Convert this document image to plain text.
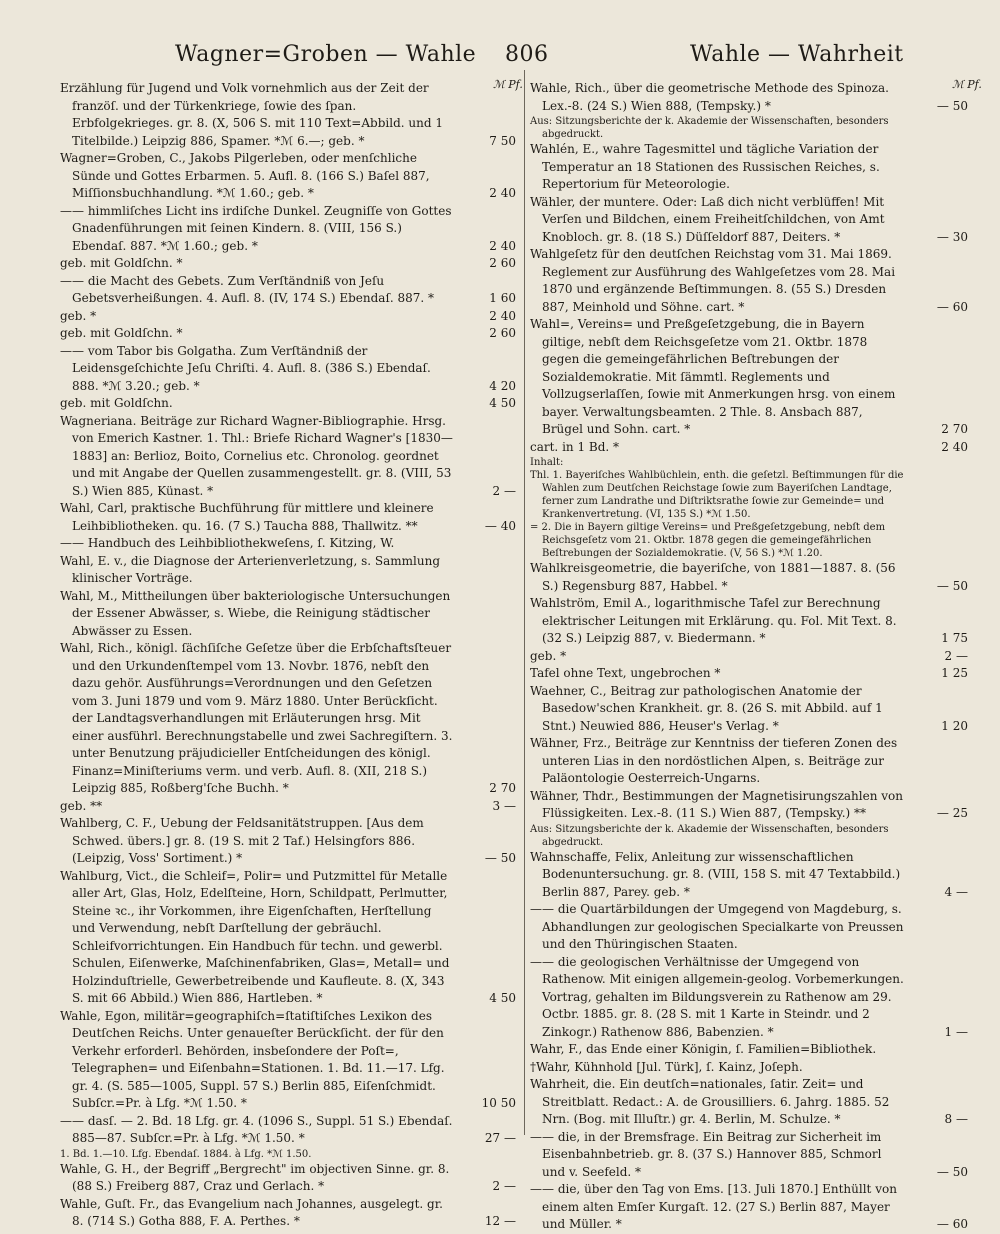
Wagner=Groben — Wahle 806	Wahle — Wahrheit
ℳ Pf.	ℳ Pf.
Erzählung für Jugend und Volk vornehmlich aus der Zeit der franzöſ. und der Türkenkriege, ſowie des ſpan. Erbfolgekrieges. gr. 8. (X, 506 S. mit 110 Text=Abbild. und 1 Titelbilde.) Leipzig 886, Spamer. *ℳ 6.—; geb. *	7 50
Wagner=Groben, C., Jakobs Pilgerleben, oder menſchliche Sünde und Gottes Erbarmen. 5. Aufl. 8. (166 S.) Baſel 887, Miſſionsbuchhandlung. *ℳ 1.60.; geb. *	2 40
—— himmliſches Licht ins irdiſche Dunkel. Zeugniſſe von Gottes Gnadenführungen mit ſeinen Kindern. 8. (VIII, 156 S.) Ebendaſ. 887. *ℳ 1.60.; geb. *	2 40
geb. mit Goldſchn. *	2 60
—— die Macht des Gebets. Zum Verſtändniß von Jeſu Gebetsverheißungen. 4. Aufl. 8. (IV, 174 S.) Ebendaſ. 887. *	1 60
geb. *	2 40
geb. mit Goldſchn. *	2 60
—— vom Tabor bis Golgatha. Zum Verſtändniß der Leidensgeſchichte Jeſu Chriſti. 4. Aufl. 8. (386 S.) Ebendaſ. 888. *ℳ 3.20.; geb. *	4 20
geb. mit Goldſchn.	4 50
Wagneriana. Beiträge zur Richard Wagner-Bibliographie. Hrsg. von Emerich Kastner. 1. Thl.: Briefe Richard Wagner's [1830—1883] an: Berlioz, Boito, Cornelius etc. Chronolog. geordnet und mit Angabe der Quellen zusammengestellt. gr. 8. (VIII, 53 S.) Wien 885, Künast. *	2 —
Wahl, Carl, praktische Buchführung für mittlere und kleinere Leihbibliotheken. qu. 16. (7 S.) Taucha 888, Thallwitz. **	— 40
—— Handbuch des Leihbibliothekweſens, ſ. Kitzing, W.
Wahl, E. v., die Diagnose der Arterienverletzung, s. Sammlung klinischer Vorträge.
Wahl, M., Mittheilungen über bakteriologische Untersuchungen der Essener Abwässer, s. Wiebe, die Reinigung städtischer Abwässer zu Essen.
Wahl, Rich., königl. ſächſiſche Geſetze über die Erbſchaftsſteuer und den Urkundenſtempel vom 13. Novbr. 1876, nebſt den dazu gehör. Ausführungs=Verordnungen und den Geſetzen vom 3. Juni 1879 und vom 9. März 1880. Unter Berückſicht. der Landtagsverhandlungen mit Erläuterungen hrsg. Mit einer ausführl. Berechnungstabelle und zwei Sachregiſtern. 3. unter Benutzung präjudicieller Entſcheidungen des königl. Finanz=Miniſteriums verm. und verb. Aufl. 8. (XII, 218 S.) Leipzig 885, Roßberg'ſche Buchh. *	2 70
geb. **	3 —
Wahlberg, C. F., Uebung der Feldsanitätstruppen. [Aus dem Schwed. übers.] gr. 8. (19 S. mit 2 Taf.) Helsingfors 886. (Leipzig, Voss' Sortiment.) *	— 50
Wahlburg, Vict., die Schleif=, Polir= und Putzmittel für Metalle aller Art, Glas, Holz, Edelſteine, Horn, Schildpatt, Perlmutter, Steine ꝛc., ihr Vorkommen, ihre Eigenſchaften, Herſtellung und Verwendung, nebſt Darſtellung der gebräuchl. Schleifvorrichtungen. Ein Handbuch für techn. und gewerbl. Schulen, Eiſenwerke, Maſchinenfabriken, Glas=, Metall= und Holzinduſtrielle, Gewerbetreibende und Kaufleute. 8. (X, 343 S. mit 66 Abbild.) Wien 886, Hartleben. *	4 50
Wahle, Egon, militär=geographiſch=ſtatiſtiſches Lexikon des Deutſchen Reichs. Unter genaueſter Berückſicht. der für den Verkehr erforderl. Behörden, insbeſondere der Poſt=, Telegraphen= und Eiſenbahn=Stationen. 1. Bd. 11.—17. Lfg. gr. 4. (S. 585—1005, Suppl. 57 S.) Berlin 885, Eiſenſchmidt. Subſcr.=Pr. à Lfg. *ℳ 1.50. *	10 50
—— dasſ. — 2. Bd. 18 Lfg. gr. 4. (1096 S., Suppl. 51 S.) Ebendaſ. 885—87. Subſcr.=Pr. à Lfg. *ℳ 1.50. *	27 —
1. Bd. 1.—10. Lfg. Ebendaſ. 1884. à Lfg. *ℳ 1.50.
Wahle, G. H., der Begriff „Bergrecht" im objectiven Sinne. gr. 8. (88 S.) Freiberg 887, Craz und Gerlach. *	2 —
Wahle, Guſt. Fr., das Evangelium nach Johannes, ausgelegt. gr. 8. (714 S.) Gotha 888, F. A. Perthes. *	12 —
Wahle, Rich., über die geometrische Methode des Spinoza. Lex.-8. (24 S.) Wien 888, (Tempsky.) *	— 50
Aus: Sitzungsberichte der k. Akademie der Wissenschaften, besonders abgedruckt.
Wahlén, E., wahre Tagesmittel und tägliche Variation der Temperatur an 18 Stationen des Russischen Reiches, s. Repertorium für Meteorologie.
Wähler, der muntere. Oder: Laß dich nicht verblüffen! Mit Verſen und Bildchen, einem Freiheitſchildchen, von Amt Knobloch. gr. 8. (18 S.) Düſſeldorf 887, Deiters. *	— 30
Wahlgeſetz für den deutſchen Reichstag vom 31. Mai 1869. Reglement zur Ausführung des Wahlgeſetzes vom 28. Mai 1870 und ergänzende Beſtimmungen. 8. (55 S.) Dresden 887, Meinhold und Söhne. cart. *	— 60
Wahl=, Vereins= und Preßgeſetzgebung, die in Bayern giltige, nebſt dem Reichsgeſetze vom 21. Oktbr. 1878 gegen die gemeingefährlichen Beſtrebungen der Sozialdemokratie. Mit ſämmtl. Reglements und Vollzugserlaſſen, ſowie mit Anmerkungen hrsg. von einem bayer. Verwaltungsbeamten. 2 Thle. 8. Ansbach 887, Brügel und Sohn. cart. *	2 70
cart. in 1 Bd. *	2 40
Inhalt:
Thl. 1. Bayeriſches Wahlbüchlein, enth. die geſetzl. Beſtimmungen für die Wahlen zum Deutſchen Reichstage ſowie zum Bayeriſchen Landtage, ferner zum Landrathe und Diſtriktsrathe ſowie zur Gemeinde= und Krankenvertretung. (VI, 135 S.) *ℳ 1.50.
= 2. Die in Bayern giltige Vereins= und Preßgeſetzgebung, nebſt dem Reichsgeſetz vom 21. Oktbr. 1878 gegen die gemeingefährlichen Beſtrebungen der Sozialdemokratie. (V, 56 S.) *ℳ 1.20.
Wahlkreisgeometrie, die bayeriſche, von 1881—1887. 8. (56 S.) Regensburg 887, Habbel. *	— 50
Wahlström, Emil A., logarithmische Tafel zur Berechnung elektrischer Leitungen mit Erklärung. qu. Fol. Mit Text. 8. (32 S.) Leipzig 887, v. Biedermann. *	1 75
geb. *	2 —
Tafel ohne Text, ungebrochen *	1 25
Waehner, C., Beitrag zur pathologischen Anatomie der Basedow'schen Krankheit. gr. 8. (26 S. mit Abbild. auf 1 Stnt.) Neuwied 886, Heuser's Verlag. *	1 20
Wähner, Frz., Beiträge zur Kenntniss der tieferen Zonen des unteren Lias in den nordöstlichen Alpen, s. Beiträge zur Paläontologie Oesterreich-Ungarns.
Wähner, Thdr., Bestimmungen der Magnetisirungszahlen von Flüssigkeiten. Lex.-8. (11 S.) Wien 887, (Tempsky.) **	— 25
Aus: Sitzungsberichte der k. Akademie der Wissenschaften, besonders abgedruckt.
Wahnschaffe, Felix, Anleitung zur wissenschaftlichen Bodenuntersuchung. gr. 8. (VIII, 158 S. mit 47 Textabbild.) Berlin 887, Parey. geb. *	4 —
—— die Quartärbildungen der Umgegend von Magdeburg, s. Abhandlungen zur geologischen Specialkarte von Preussen und den Thüringischen Staaten.
—— die geologischen Verhältnisse der Umgegend von Rathenow. Mit einigen allgemein-geolog. Vorbemerkungen. Vortrag, gehalten im Bildungsverein zu Rathenow am 29. Octbr. 1885. gr. 8. (28 S. mit 1 Karte in Steindr. und 2 Zinkogr.) Rathenow 886, Babenzien. *	1 —
Wahr, F., das Ende einer Königin, ſ. Familien=Bibliothek.
†Wahr, Kühnhold [Jul. Türk], ſ. Kainz, Joſeph.
Wahrheit, die. Ein deutſch=nationales, ſatir. Zeit= und Streitblatt. Redact.: A. de Grousilliers. 6. Jahrg. 1885. 52 Nrn. (Bog. mit Illuſtr.) gr. 4. Berlin, M. Schulze. *	8 —
—— die, in der Bremsfrage. Ein Beitrag zur Sicherheit im Eisenbahnbetrieb. gr. 8. (37 S.) Hannover 885, Schmorl und v. Seefeld. *	— 50
—— die, über den Tag von Ems. [13. Juli 1870.] Enthüllt von einem alten Emſer Kurgaſt. 12. (27 S.) Berlin 887, Mayer und Müller. *	— 60
